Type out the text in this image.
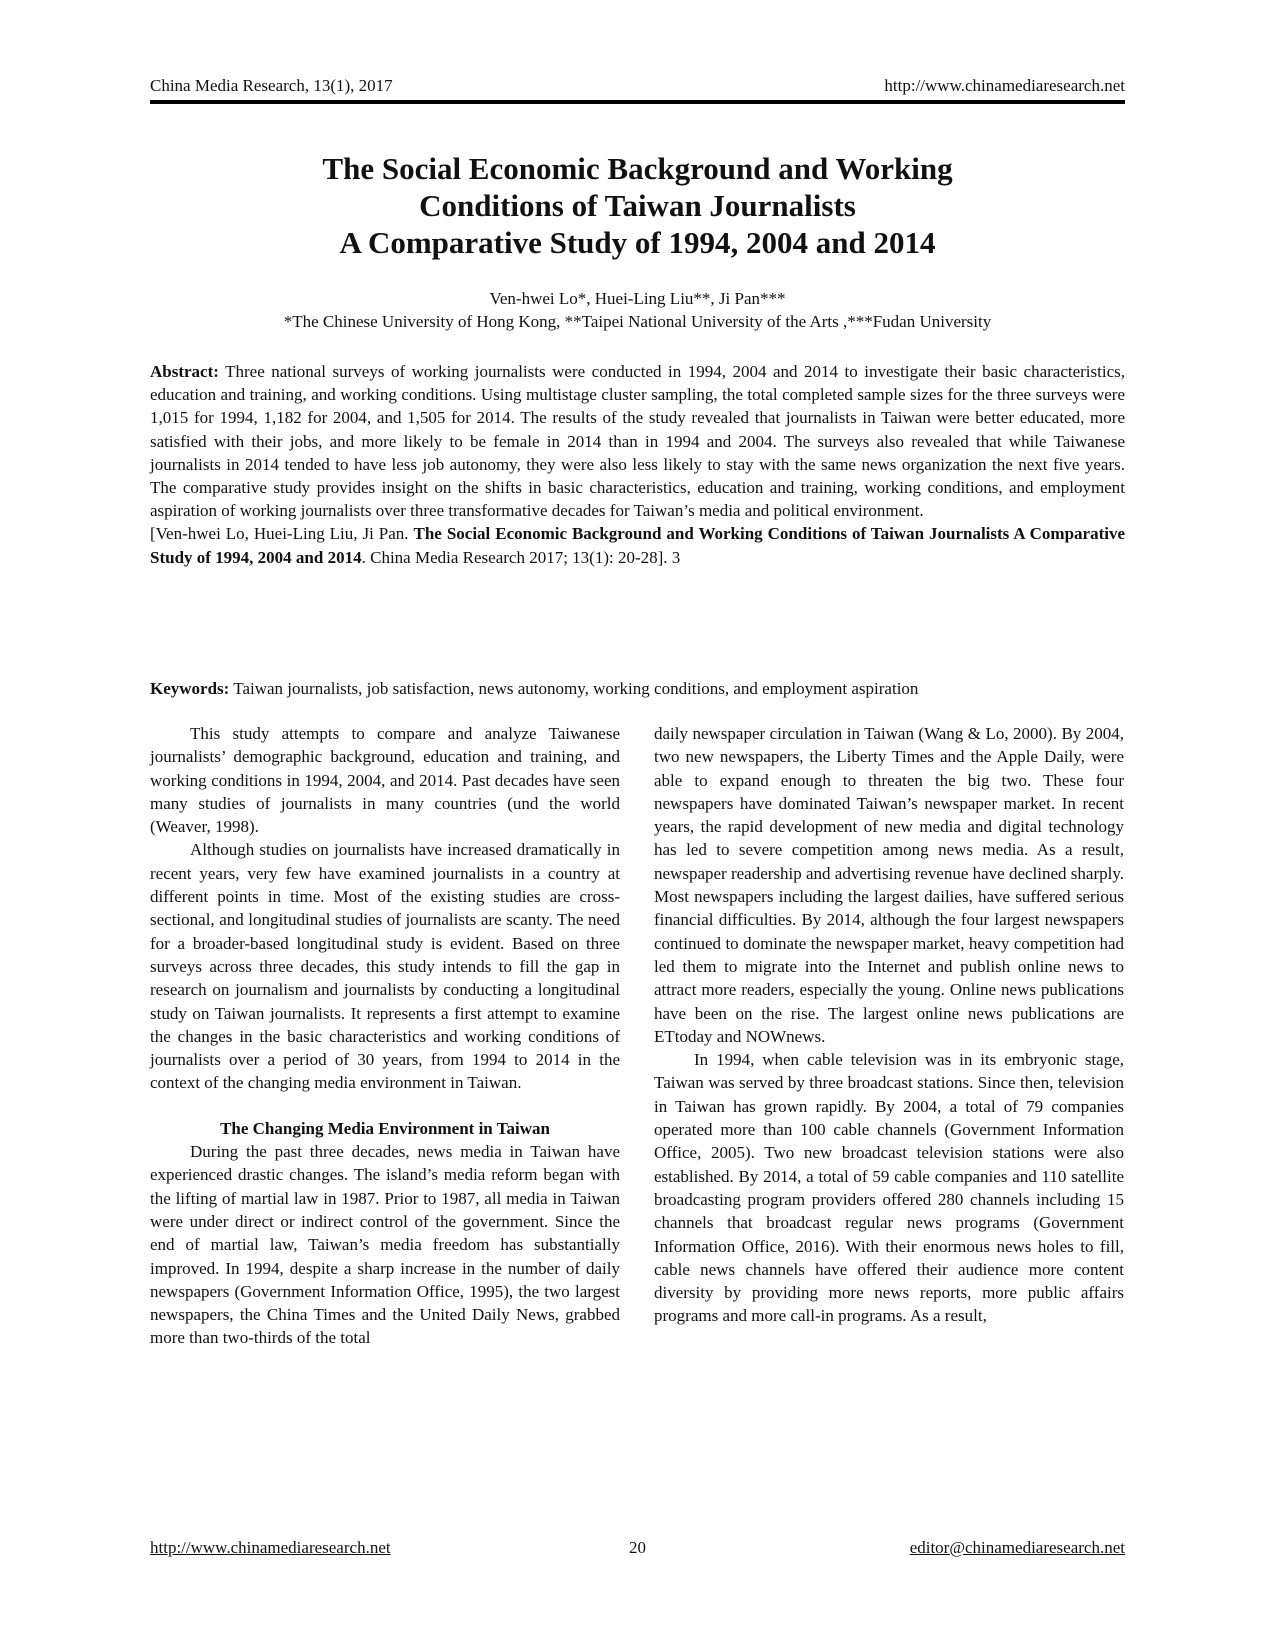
China Media Research, 13(1), 2017	http://www.chinamediaresearch.net
The Social Economic Background and Working
Conditions of Taiwan Journalists
A Comparative Study of 1994, 2004 and 2014
Ven-hwei Lo*, Huei-Ling Liu**, Ji Pan***
*The Chinese University of Hong Kong, **Taipei National University of the Arts ,***Fudan University

Abstract: Three national surveys of working journalists were conducted in 1994, 2004 and 2014 to investigate their basic characteristics, education and training, and working conditions. Using multistage cluster sampling, the total completed sample sizes for the three surveys were 1,015 for 1994, 1,182 for 2004, and 1,505 for 2014. The results of the study revealed that journalists in Taiwan were better educated, more satisfied with their jobs, and more likely to be female in 2014 than in 1994 and 2004. The surveys also revealed that while Taiwanese journalists in 2014 tended to have less job autonomy, they were also less likely to stay with the same news organization the next five years. The comparative study provides insight on the shifts in basic characteristics, education and training, working conditions, and employment aspiration of working journalists over three transformative decades for Taiwan’s media and political environment.

[Ven-hwei Lo, Huei-Ling Liu, Ji Pan. The Social Economic Background and Working Conditions of Taiwan Journalists A Comparative Study of 1994, 2004 and 2014. China Media Research 2017; 13(1): 20-28]. 3

Keywords: Taiwan journalists, job satisfaction, news autonomy, working conditions, and employment aspiration

This study attempts to compare and analyze Taiwanese journalists’ demographic background, education and training, and working conditions in 1994, 2004, and 2014. Past decades have seen many studies of journalists in many countries (und the world (Weaver, 1998).

Although studies on journalists have increased dramatically in recent years, very few have examined journalists in a country at different points in time. Most of the existing studies are cross-sectional, and longitudinal studies of journalists are scanty. The need for a broader-based longitudinal study is evident. Based on three surveys across three decades, this study intends to fill the gap in research on journalism and journalists by conducting a longitudinal study on Taiwan journalists. It represents a first attempt to examine the changes in the basic characteristics and working conditions of journalists over a period of 30 years, from 1994 to 2014 in the context of the changing media environment in Taiwan.

The Changing Media Environment in Taiwan

During the past three decades, news media in Taiwan have experienced drastic changes. The island’s media reform began with the lifting of martial law in 1987. Prior to 1987, all media in Taiwan were under direct or indirect control of the government. Since the end of martial law, Taiwan’s media freedom has substantially improved. In 1994, despite a sharp increase in the number of daily newspapers (Government Information Office, 1995), the two largest newspapers, the China Times and the United Daily News, grabbed more than two-thirds of the total

daily newspaper circulation in Taiwan (Wang & Lo, 2000). By 2004, two new newspapers, the Liberty Times and the Apple Daily, were able to expand enough to threaten the big two. These four newspapers have dominated Taiwan’s newspaper market. In recent years, the rapid development of new media and digital technology has led to severe competition among news media. As a result, newspaper readership and advertising revenue have declined sharply. Most newspapers including the largest dailies, have suffered serious financial difficulties. By 2014, although the four largest newspapers continued to dominate the newspaper market, heavy competition had led them to migrate into the Internet and publish online news to attract more readers, especially the young. Online news publications have been on the rise. The largest online news publications are ETtoday and NOWnews.

In 1994, when cable television was in its embryonic stage, Taiwan was served by three broadcast stations. Since then, television in Taiwan has grown rapidly. By 2004, a total of 79 companies operated more than 100 cable channels (Government Information Office, 2005). Two new broadcast television stations were also established. By 2014, a total of 59 cable companies and 110 satellite broadcasting program providers offered 280 channels including 15 channels that broadcast regular news programs (Government Information Office, 2016). With their enormous news holes to fill, cable news channels have offered their audience more content diversity by providing more news reports, more public affairs programs and more call-in programs. As a result,

http://www.chinamediaresearch.net	20	editor@chinamediaresearch.net
